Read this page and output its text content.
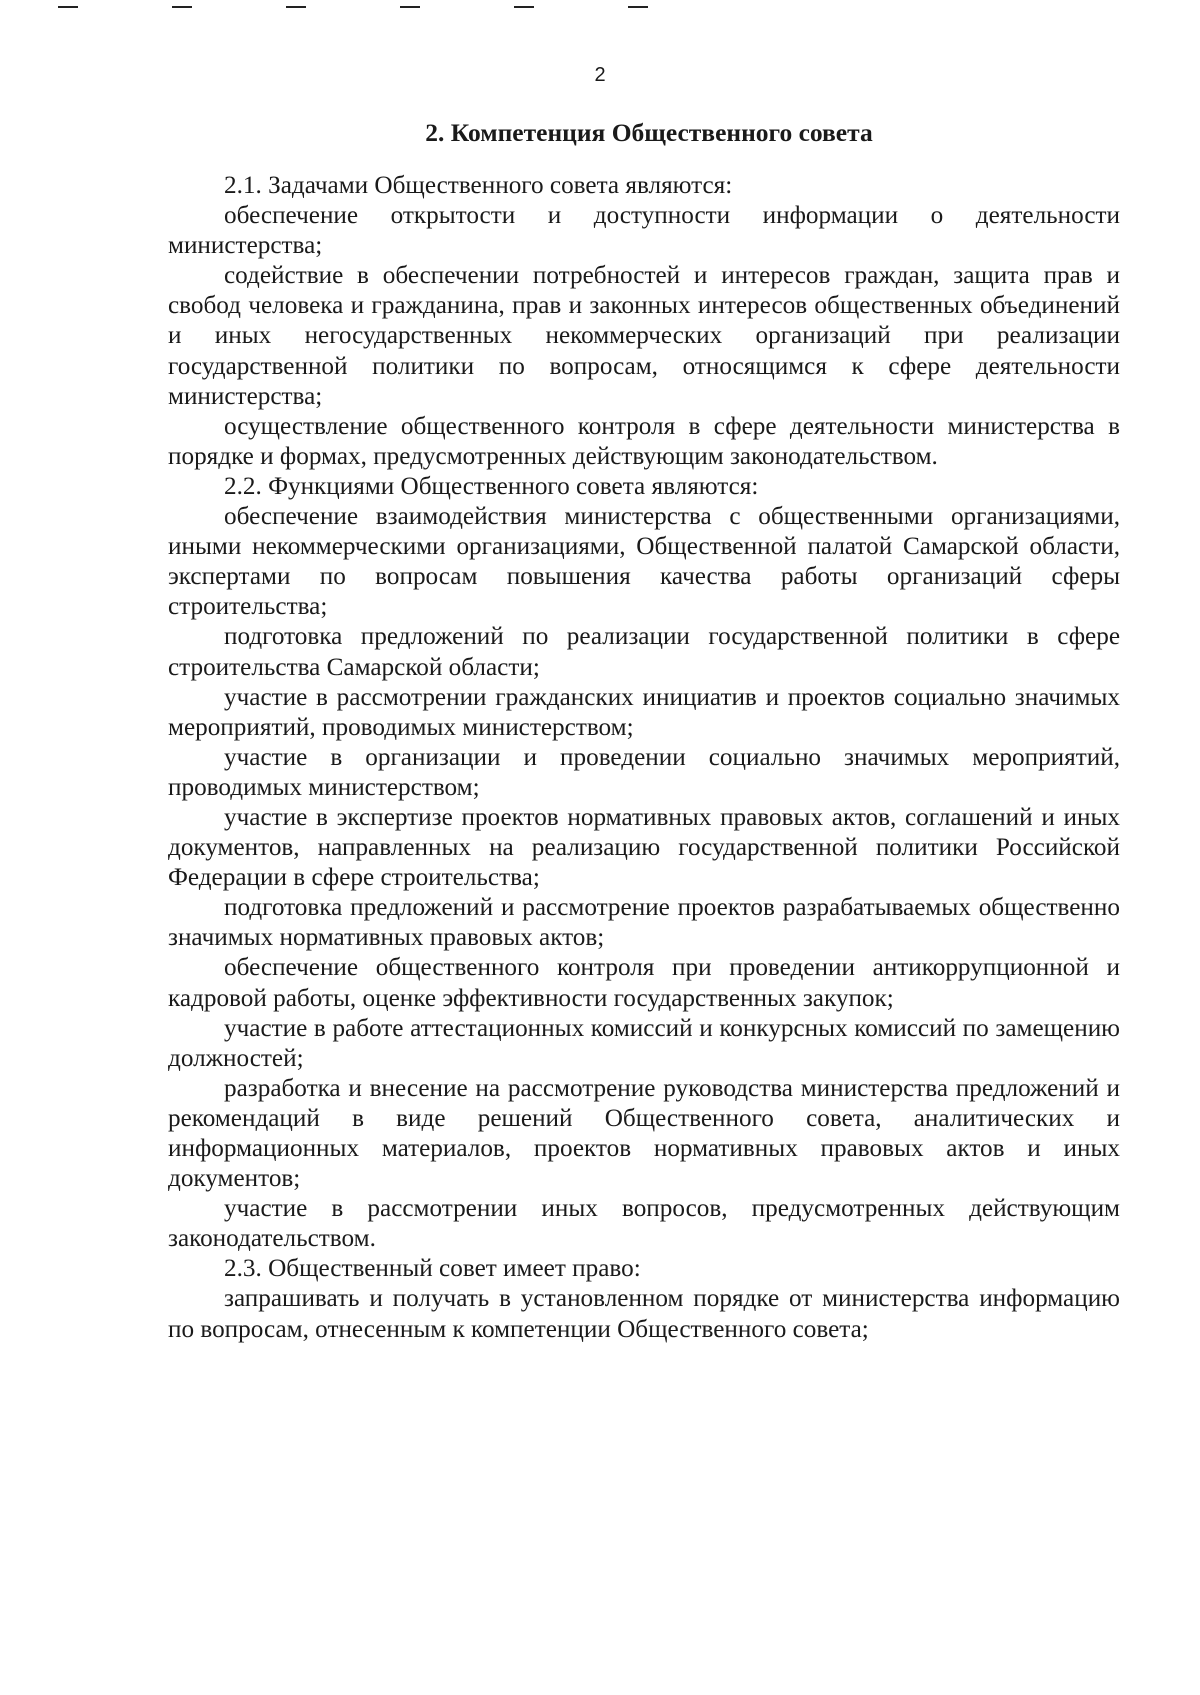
2
2. Компетенция Общественного совета

2.1. Задачами Общественного совета являются:

обеспечение открытости и доступности информации о деятельности министерства;

содействие в обеспечении потребностей и интересов граждан, защита прав и свобод человека и гражданина, прав и законных интересов общественных объединений и иных негосударственных некоммерческих организаций при реализации государственной политики по вопросам, относящимся к сфере деятельности министерства;

осуществление общественного контроля в сфере деятельности министерства в порядке и формах, предусмотренных действующим законодательством.

2.2. Функциями Общественного совета являются:

обеспечение взаимодействия министерства с общественными организациями, иными некоммерческими организациями, Общественной палатой Самарской области, экспертами по вопросам повышения качества работы организаций сферы строительства;

подготовка предложений по реализации государственной политики в сфере строительства Самарской области;

участие в рассмотрении гражданских инициатив и проектов социально значимых мероприятий, проводимых министерством;

участие в организации и проведении социально значимых мероприятий, проводимых министерством;

участие в экспертизе проектов нормативных правовых актов, соглашений и иных документов, направленных на реализацию государственной политики Российской Федерации в сфере строительства;

подготовка предложений и рассмотрение проектов разрабатываемых общественно значимых нормативных правовых актов;

обеспечение общественного контроля при проведении антикоррупционной и кадровой работы, оценке эффективности государственных закупок;

участие в работе аттестационных комиссий и конкурсных комиссий по замещению должностей;

разработка и внесение на рассмотрение руководства министерства предложений и рекомендаций в виде решений Общественного совета, аналитических и информационных материалов, проектов нормативных правовых актов и иных документов;

участие в рассмотрении иных вопросов, предусмотренных действующим законодательством.

2.3. Общественный совет имеет право:

запрашивать и получать в установленном порядке от министерства информацию по вопросам, отнесенным к компетенции Общественного совета;
